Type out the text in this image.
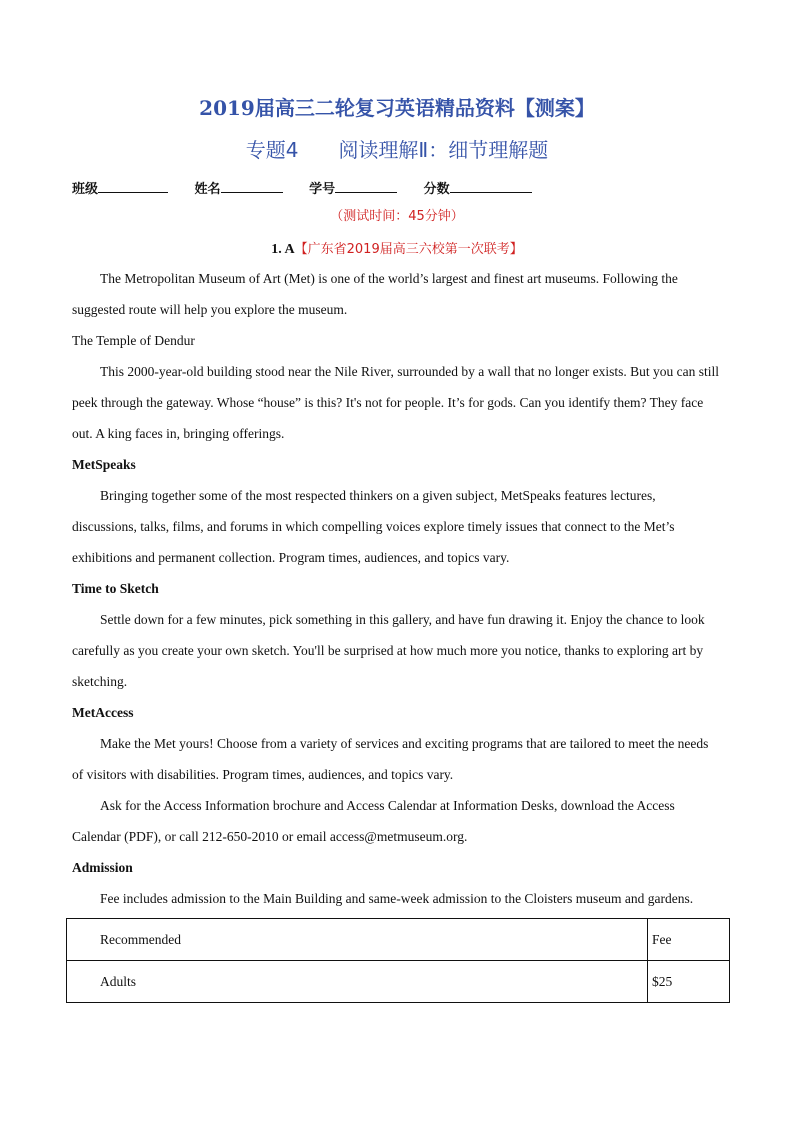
2019届高三二轮复习英语精品资料【测案】
专题4 阅读理解Ⅱ：细节理解题
班级	姓名	学号	分数
（测试时间：45分钟）
1. A【广东省2019届高三六校第一次联考】

The Metropolitan Museum of Art (Met) is one of the world’s largest and finest art museums. Following the suggested route will help you explore the museum.

The Temple of Dendur

This 2000-year-old building stood near the Nile River, surrounded by a wall that no longer exists. But you can still peek through the gateway. Whose “house” is this? It's not for people. It’s for gods. Can you identify them? They face out. A king faces in, bringing offerings.

MetSpeaks

Bringing together some of the most respected thinkers on a given subject, MetSpeaks features lectures, discussions, talks, films, and forums in which compelling voices explore timely issues that connect to the Met’s exhibitions and permanent collection. Program times, audiences, and topics vary.

Time to Sketch

Settle down for a few minutes, pick something in this gallery, and have fun drawing it. Enjoy the chance to look carefully as you create your own sketch. You'll be surprised at how much more you notice, thanks to exploring art by sketching.

MetAccess

Make the Met yours! Choose from a variety of services and exciting programs that are tailored to meet the needs of visitors with disabilities. Program times, audiences, and topics vary.

Ask for the Access Information brochure and Access Calendar at Information Desks, download the Access Calendar (PDF), or call 212-650-2010 or email access@metmuseum.org.

Admission

Fee includes admission to the Main Building and same-week admission to the Cloisters museum and gardens.

Recommended	Fee
Adults	$25
